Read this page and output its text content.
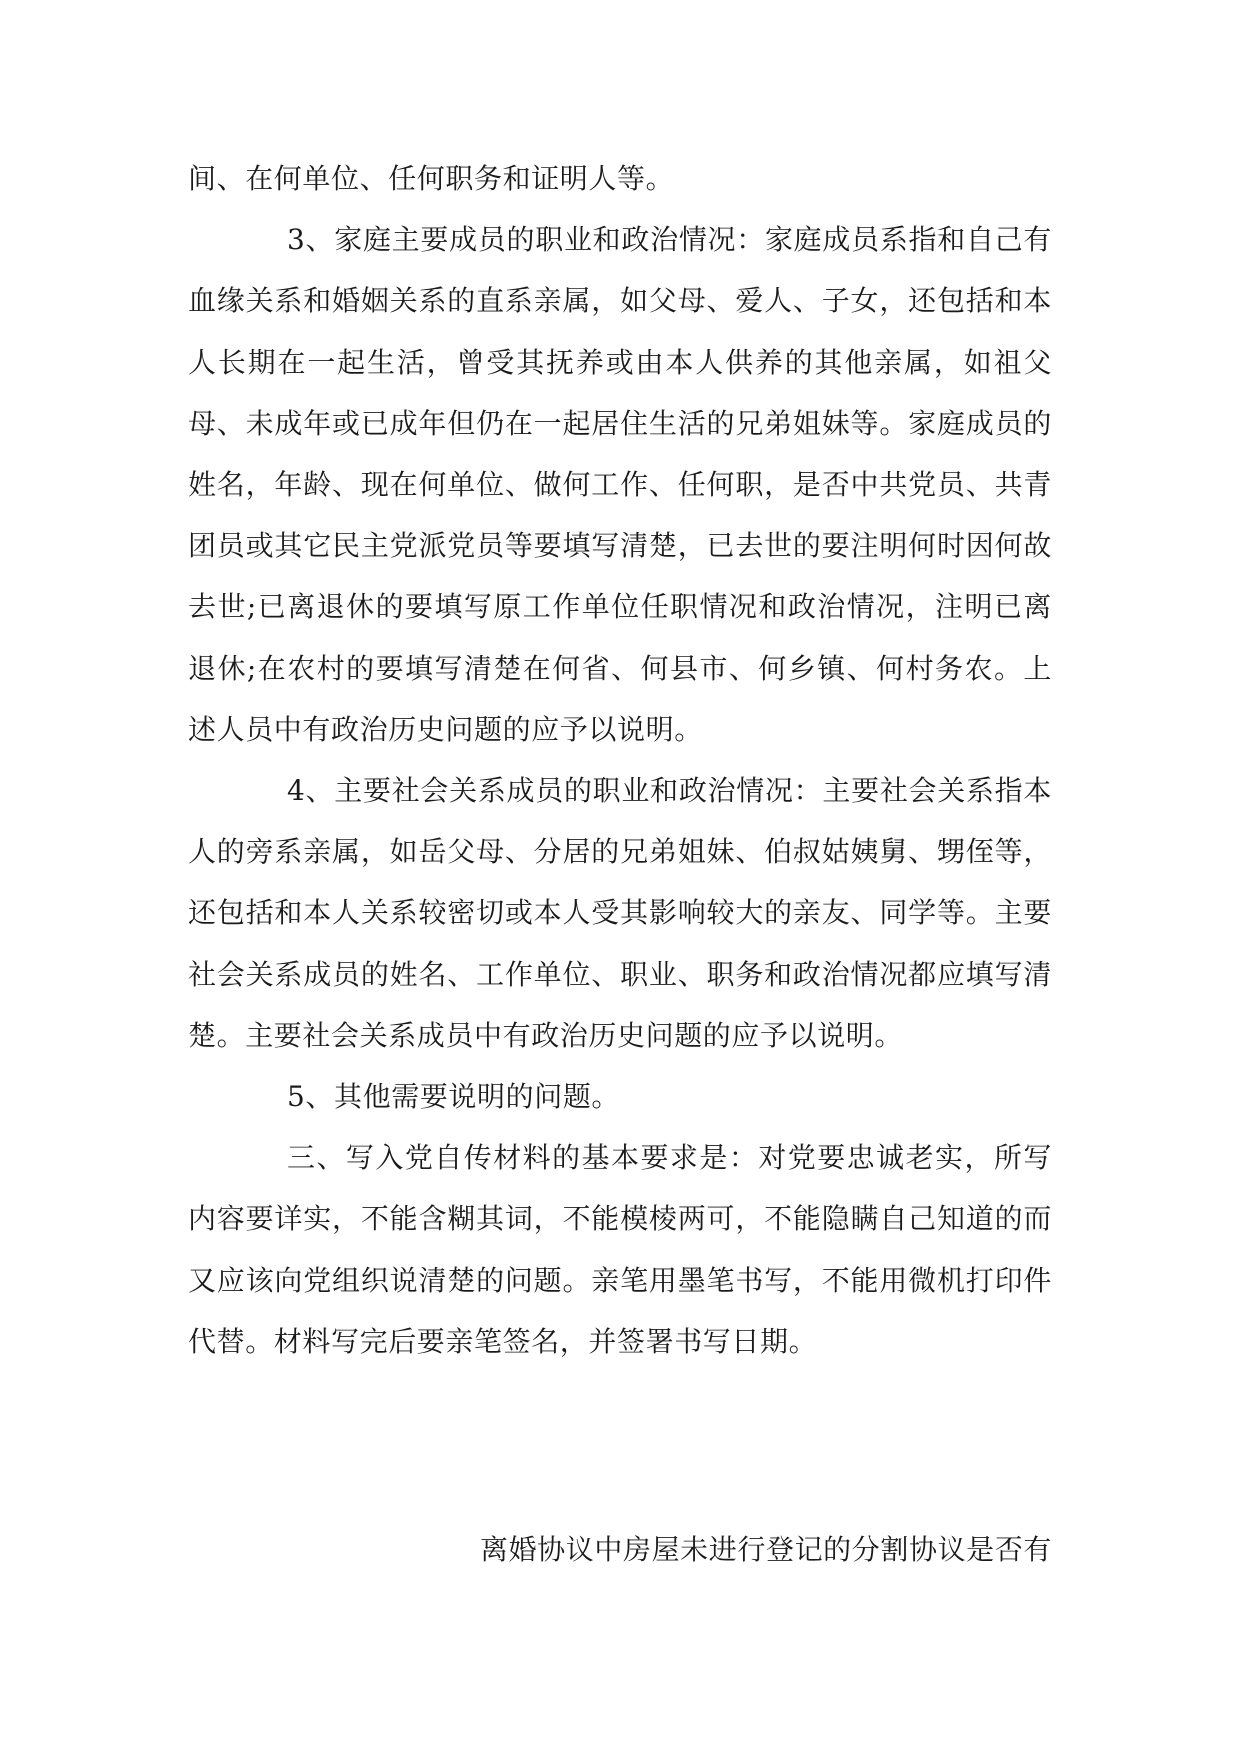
间、在何单位、任何职务和证明人等。

3、家庭主要成员的职业和政治情况：家庭成员系指和自己有血缘关系和婚姻关系的直系亲属，如父母、爱人、子女，还包括和本人长期在一起生活，曾受其抚养或由本人供养的其他亲属，如祖父母、未成年或已成年但仍在一起居住生活的兄弟姐妹等。家庭成员的姓名，年龄、现在何单位、做何工作、任何职，是否中共党员、共青团员或其它民主党派党员等要填写清楚，已去世的要注明何时因何故去世;已离退休的要填写原工作单位任职情况和政治情况，注明已离退休;在农村的要填写清楚在何省、何县市、何乡镇、何村务农。上述人员中有政治历史问题的应予以说明。

4、主要社会关系成员的职业和政治情况：主要社会关系指本人的旁系亲属，如岳父母、分居的兄弟姐妹、伯叔姑姨舅、甥侄等，还包括和本人关系较密切或本人受其影响较大的亲友、同学等。主要社会关系成员的姓名、工作单位、职业、职务和政治情况都应填写清楚。主要社会关系成员中有政治历史问题的应予以说明。

5、其他需要说明的问题。

三、写入党自传材料的基本要求是：对党要忠诚老实，所写内容要详实，不能含糊其词，不能模棱两可，不能隐瞒自己知道的而又应该向党组织说清楚的问题。亲笔用墨笔书写，不能用微机打印件代替。材料写完后要亲笔签名，并签署书写日期。

离婚协议中房屋未进行登记的分割协议是否有
